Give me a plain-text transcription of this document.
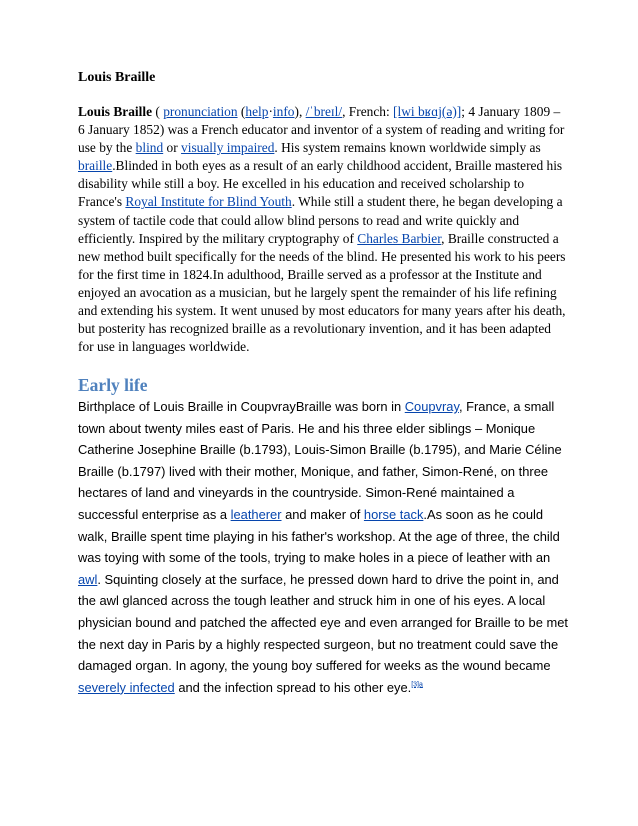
Louis Braille

Louis Braille ( pronunciation (help·info), /ˈbreɪl/, French: [lwi bʁɑj(ə)]; 4 January 1809 – 6 January 1852) was a French educator and inventor of a system of reading and writing for use by the blind or visually impaired. His system remains known worldwide simply as braille.Blinded in both eyes as a result of an early childhood accident, Braille mastered his disability while still a boy. He excelled in his education and received scholarship to France's Royal Institute for Blind Youth. While still a student there, he began developing a system of tactile code that could allow blind persons to read and write quickly and efficiently. Inspired by the military cryptography of Charles Barbier, Braille constructed a new method built specifically for the needs of the blind. He presented his work to his peers for the first time in 1824.In adulthood, Braille served as a professor at the Institute and enjoyed an avocation as a musician, but he largely spent the remainder of his life refining and extending his system. It went unused by most educators for many years after his death, but posterity has recognized braille as a revolutionary invention, and it has been adapted for use in languages worldwide.

Early life

Birthplace of Louis Braille in CoupvrayBraille was born in Coupvray, France, a small town about twenty miles east of Paris. He and his three elder siblings – Monique Catherine Josephine Braille (b.1793), Louis-Simon Braille (b.1795), and Marie Céline Braille (b.1797) lived with their mother, Monique, and father, Simon-René, on three hectares of land and vineyards in the countryside. Simon-René maintained a successful enterprise as a leatherer and maker of horse tack.As soon as he could walk, Braille spent time playing in his father's workshop. At the age of three, the child was toying with some of the tools, trying to make holes in a piece of leather with an awl. Squinting closely at the surface, he pressed down hard to drive the point in, and the awl glanced across the tough leather and struck him in one of his eyes. A local physician bound and patched the affected eye and even arranged for Braille to be met the next day in Paris by a highly respected surgeon, but no treatment could save the damaged organ. In agony, the young boy suffered for weeks as the wound became severely infected and the infection spread to his other eye.$^{[3]a}$
